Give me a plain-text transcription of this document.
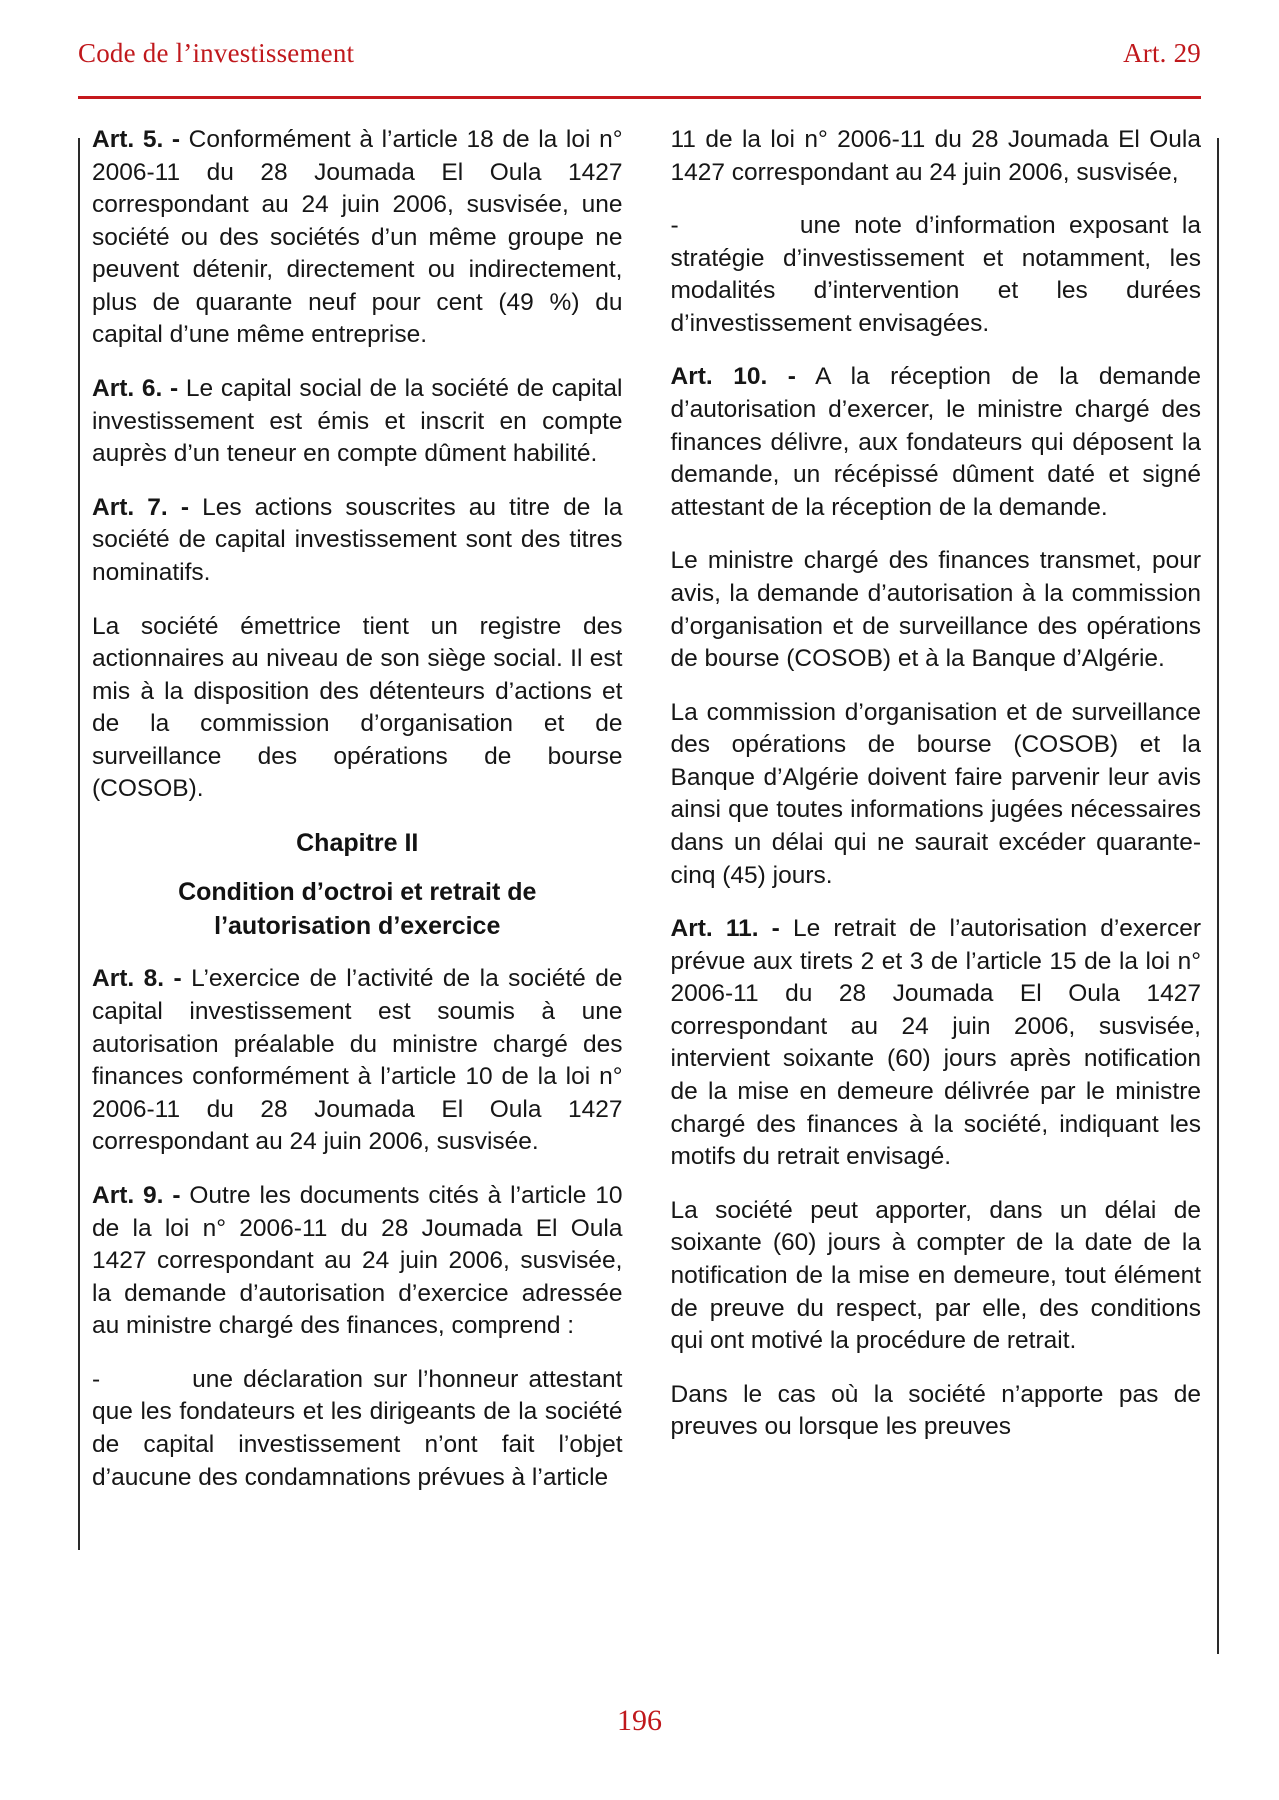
Code de l’investissement	Art. 29

Art. 5. - Conformément à l’article 18 de la loi n° 2006-11 du 28 Joumada El Oula 1427 correspondant au 24 juin 2006, susvisée, une société ou des sociétés d’un même groupe ne peuvent détenir, directement ou indirectement, plus de quarante neuf pour cent (49 %) du capital d’une même entreprise.

Art. 6. - Le capital social de la société de capital investissement est émis et inscrit en compte auprès d’un teneur en compte dûment habilité.

Art. 7. - Les actions souscrites au titre de la société de capital investissement sont des titres nominatifs.

La société émettrice tient un registre des actionnaires au niveau de son siège social. Il est mis à la disposition des détenteurs d’actions et de la commission d’organisation et de surveillance des opérations de bourse (COSOB).

Chapitre II
Condition d’octroi et retrait de l’autorisation d’exercice

Art. 8. - L’exercice de l’activité de la société de capital investissement est soumis à une autorisation préalable du ministre chargé des finances conformément à l’article 10 de la loi n° 2006-11 du 28 Joumada El Oula 1427 correspondant au 24 juin 2006, susvisée.

Art. 9. - Outre les documents cités à l’article 10 de la loi n° 2006-11 du 28 Joumada El Oula 1427 correspondant au 24 juin 2006, susvisée, la demande d’autorisation d’exercice adressée au ministre chargé des finances, comprend :

-         une déclaration sur l’honneur attestant que les fondateurs et les dirigeants de la société de capital investissement n’ont fait l’objet d’aucune des condamnations prévues à l’article

11 de la loi n° 2006-11 du 28 Joumada El Oula 1427 correspondant au 24 juin 2006, susvisée,

-         une note d’information exposant la stratégie d’investissement et notamment, les modalités d’intervention et les durées d’investissement envisagées.

Art. 10. - A la réception de la demande d’autorisation d’exercer, le ministre chargé des finances délivre, aux fondateurs qui déposent la demande, un récépissé dûment daté et signé attestant de la réception de la demande.

Le ministre chargé des finances transmet, pour avis, la demande d’autorisation à la commission d’organisation et de surveillance des opérations de bourse (COSOB) et à la Banque d’Algérie.

La commission d’organisation et de surveillance des opérations de bourse (COSOB) et la Banque d’Algérie doivent faire parvenir leur avis ainsi que toutes informations jugées nécessaires dans un délai qui ne saurait excéder quarante-cinq (45) jours.

Art. 11. - Le retrait de l’autorisation d’exercer prévue aux tirets 2 et 3 de l’article 15 de la loi n° 2006-11 du 28 Joumada El Oula 1427 correspondant au 24 juin 2006, susvisée, intervient soixante (60) jours après notification de la mise en demeure délivrée par le ministre chargé des finances à la société, indiquant les motifs du retrait envisagé.

La société peut apporter, dans un délai de soixante (60) jours à compter de la date de la notification de la mise en demeure, tout élément de preuve du respect, par elle, des conditions qui ont motivé la procédure de retrait.

Dans le cas où la société n’apporte pas de preuves ou lorsque les preuves

196
